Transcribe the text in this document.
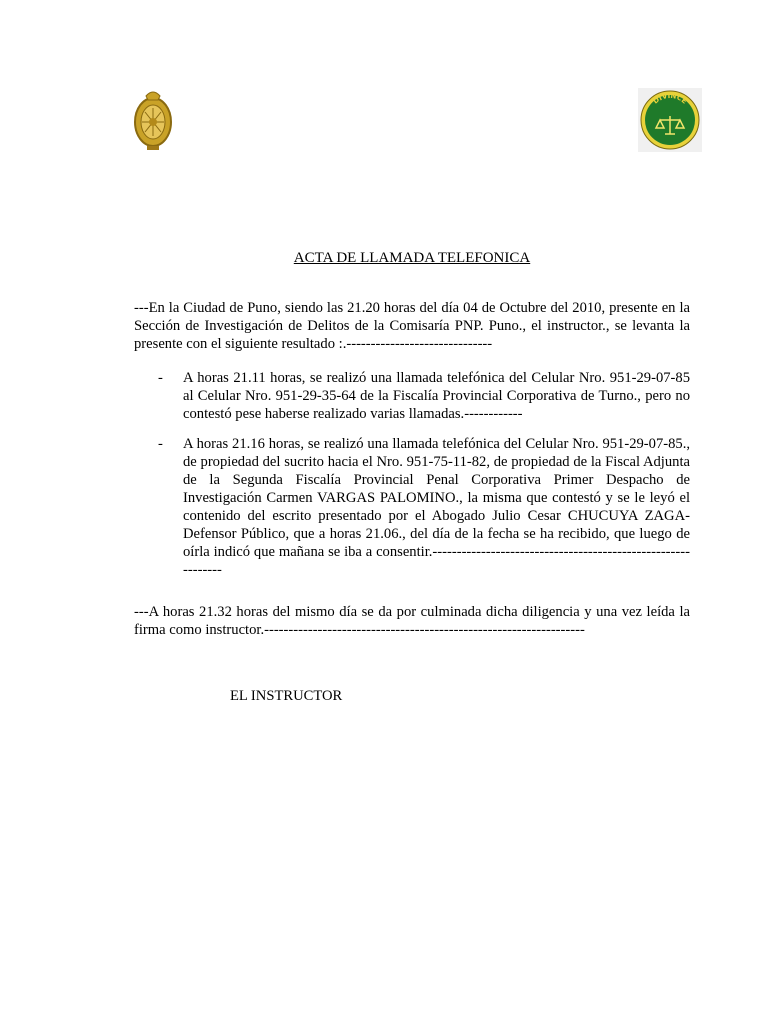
DIVINCE
ACTA DE LLAMADA TELEFONICA

---En la Ciudad de Puno, siendo las 21.20 horas del día 04 de Octubre del 2010, presente en la Sección de Investigación de Delitos de la Comisaría PNP. Puno., el instructor., se levanta la presente con el siguiente resultado :.------------------------------

- A horas 21.11 horas, se realizó una llamada telefónica del Celular Nro. 951-29-07-85 al Celular Nro. 951-29-35-64 de la Fiscalía Provincial Corporativa de Turno., pero no contestó pese haberse realizado varias llamadas.------------
- A horas 21.16 horas, se realizó una llamada telefónica del Celular Nro. 951-29-07-85., de propiedad del sucrito hacia el Nro. 951-75-11-82, de propiedad de la Fiscal Adjunta de la Segunda Fiscalía Provincial Penal Corporativa Primer Despacho de Investigación Carmen VARGAS PALOMINO., la misma que contestó y se le leyó el contenido del escrito presentado por el Abogado Julio Cesar CHUCUYA ZAGA- Defensor Público, que a horas 21.06., del día de la fecha se ha recibido, que luego de oírla indicó que mañana se iba a consentir.-------------------------------------------------------------

---A horas 21.32 horas del mismo día se da por culminada dicha diligencia y una vez leída la firma como instructor.------------------------------------------------------------------

EL INSTRUCTOR
